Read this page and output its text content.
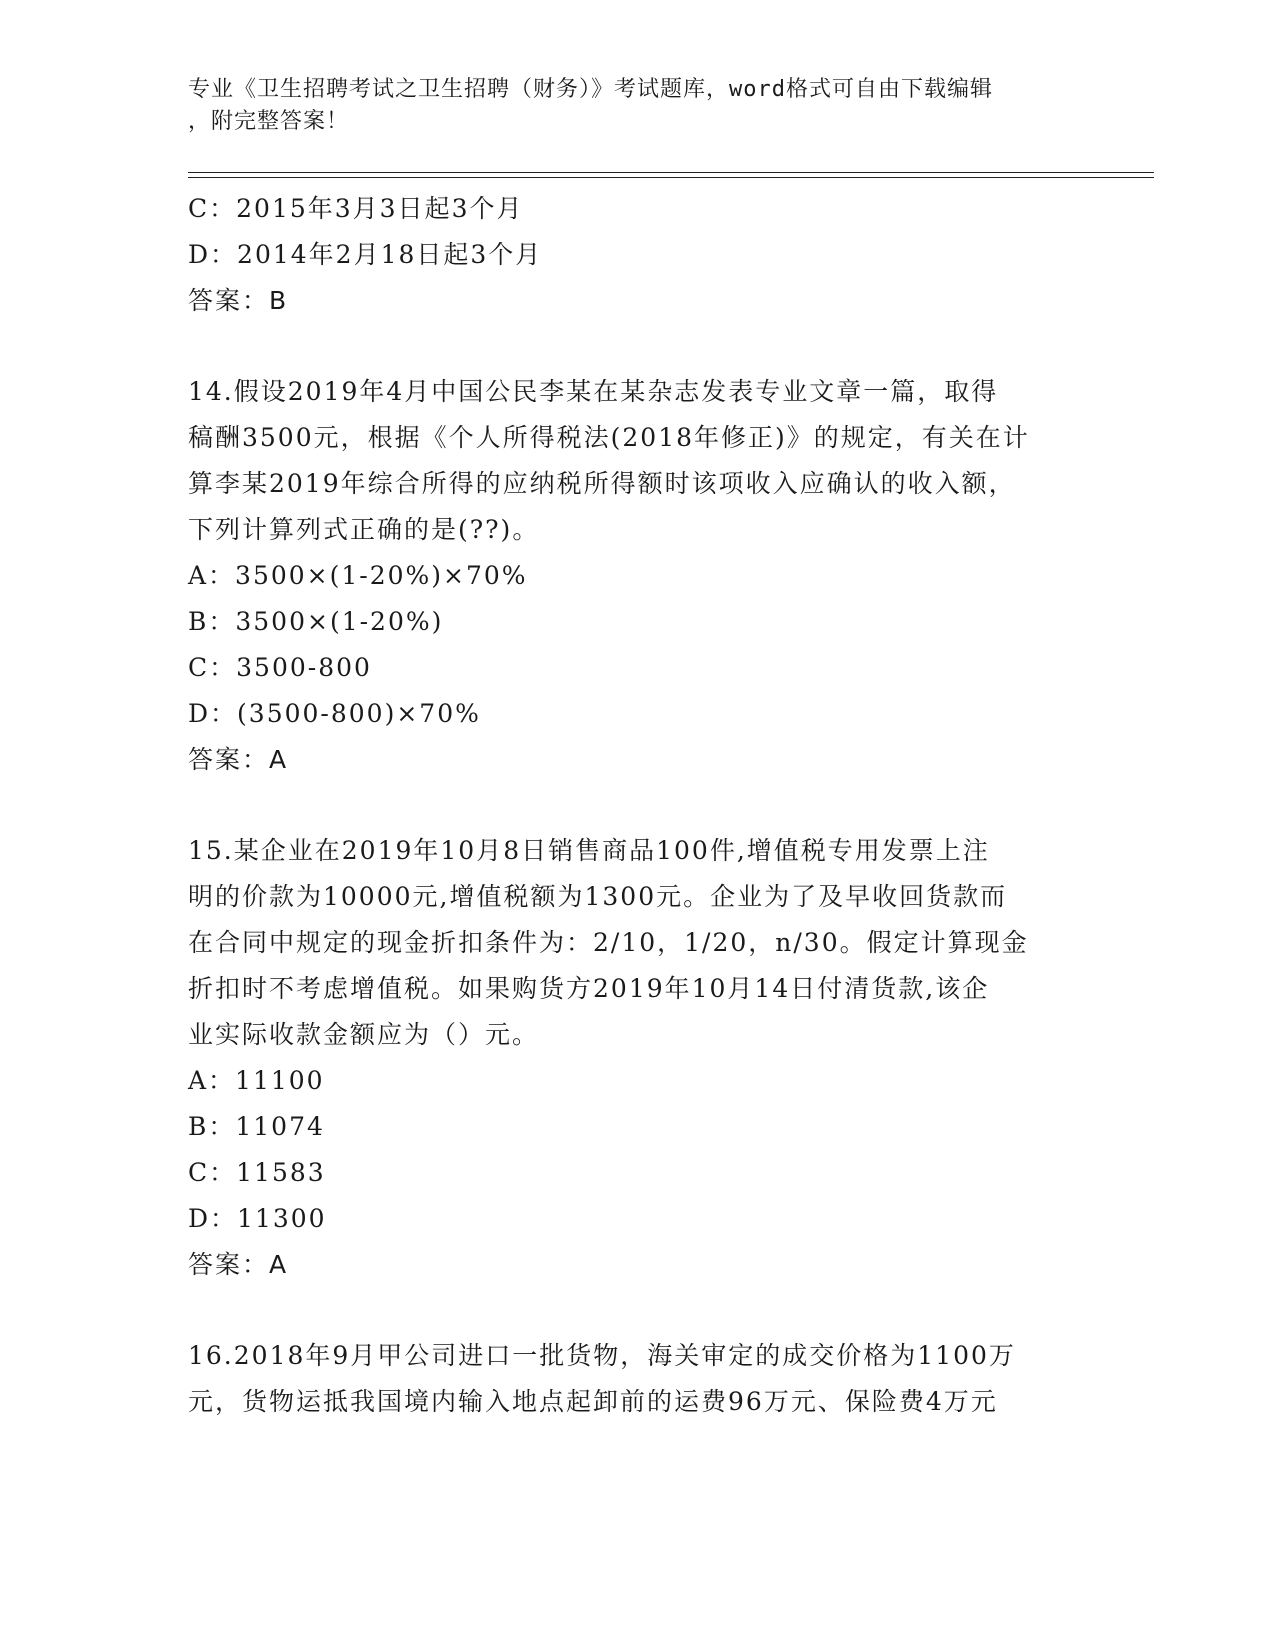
专业《卫生招聘考试之卫生招聘（财务）》考试题库，word格式可自由下载编辑
，附完整答案！
C：2015年3月3日起3个月
D：2014年2月18日起3个月
答案：B
14.假设2019年4月中国公民李某在某杂志发表专业文章一篇，取得
稿酬3500元，根据《个人所得税法(2018年修正)》的规定，有关在计
算李某2019年综合所得的应纳税所得额时该项收入应确认的收入额，
下列计算列式正确的是(??)。
A：3500×(1-20%)×70%
B：3500×(1-20%)
C：3500-800
D：(3500-800)×70%
答案：A
15.某企业在2019年10月8日销售商品100件,增值税专用发票上注
明的价款为10000元,增值税额为1300元。企业为了及早收回货款而
在合同中规定的现金折扣条件为：2/10，1/20，n/30。假定计算现金
折扣时不考虑增值税。如果购货方2019年10月14日付清货款,该企
业实际收款金额应为（）元。
A：11100
B：11074
C：11583
D：11300
答案：A
16.2018年9月甲公司进口一批货物，海关审定的成交价格为1100万
元，货物运抵我国境内输入地点起卸前的运费96万元、保险费4万元
